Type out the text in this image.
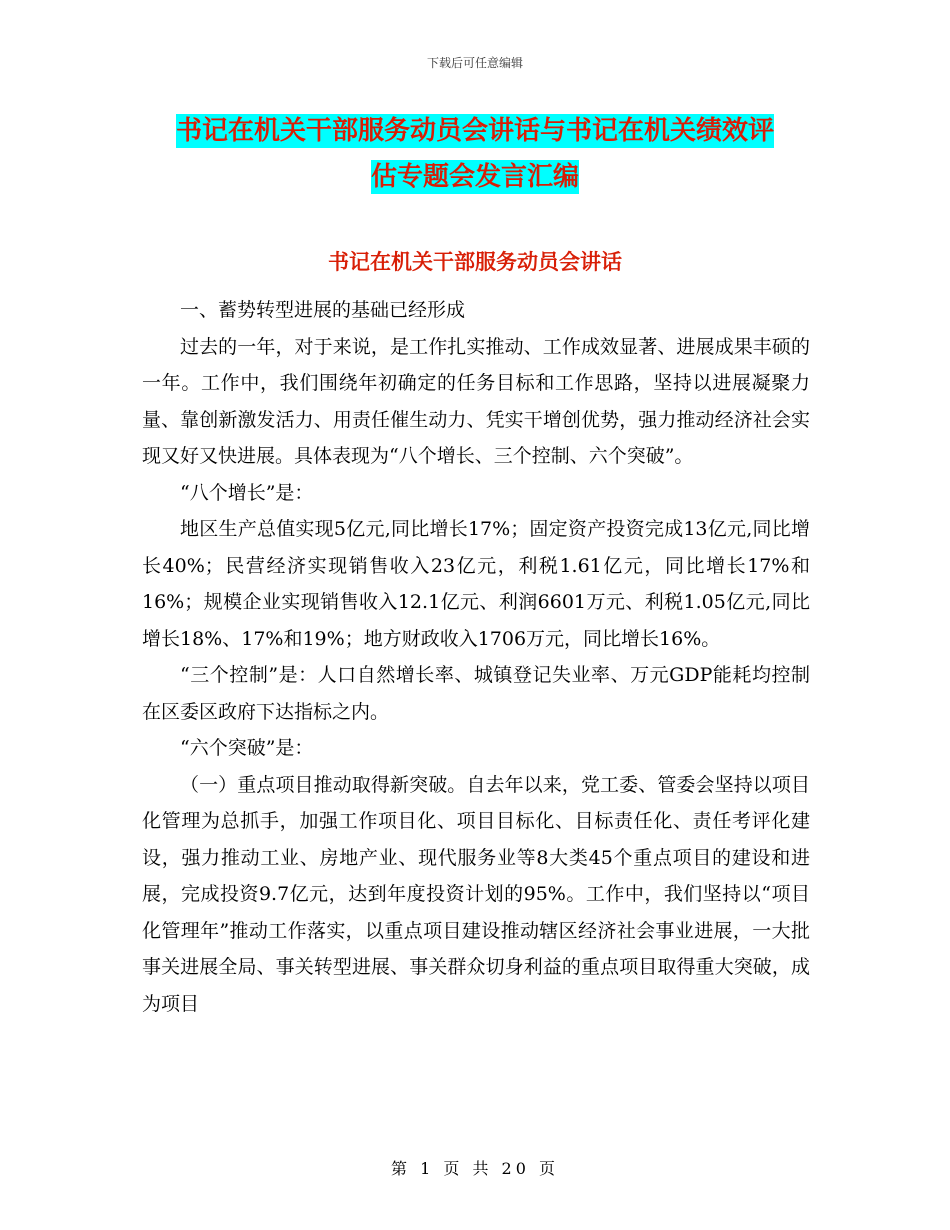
下载后可任意编辑
书记在机关干部服务动员会讲话与书记在机关绩效评
估专题会发言汇编
书记在机关干部服务动员会讲话

一、蓄势转型进展的基础已经形成

过去的一年，对于来说，是工作扎实推动、工作成效显著、进展成果丰硕的一年。工作中，我们围绕年初确定的任务目标和工作思路，坚持以进展凝聚力量、靠创新激发活力、用责任催生动力、凭实干增创优势，强力推动经济社会实现又好又快进展。具体表现为“八个增长、三个控制、六个突破”。

“八个增长”是：

地区生产总值实现5亿元,同比增长17%；固定资产投资完成13亿元,同比增长40%；民营经济实现销售收入23亿元，利税1.61亿元，同比增长17%和16%；规模企业实现销售收入12.1亿元、利润6601万元、利税1.05亿元,同比增长18%、17%和19%；地方财政收入1706万元，同比增长16%。

“三个控制”是：人口自然增长率、城镇登记失业率、万元GDP能耗均控制在区委区政府下达指标之内。

“六个突破”是：

（一）重点项目推动取得新突破。自去年以来，党工委、管委会坚持以项目化管理为总抓手，加强工作项目化、项目目标化、目标责任化、责任考评化建设，强力推动工业、房地产业、现代服务业等8大类45个重点项目的建设和进展，完成投资9.7亿元，达到年度投资计划的95%。工作中，我们坚持以“项目化管理年”推动工作落实，以重点项目建设推动辖区经济社会事业进展，一大批事关进展全局、事关转型进展、事关群众切身利益的重点项目取得重大突破，成为项目

第 1 页 共 20 页
